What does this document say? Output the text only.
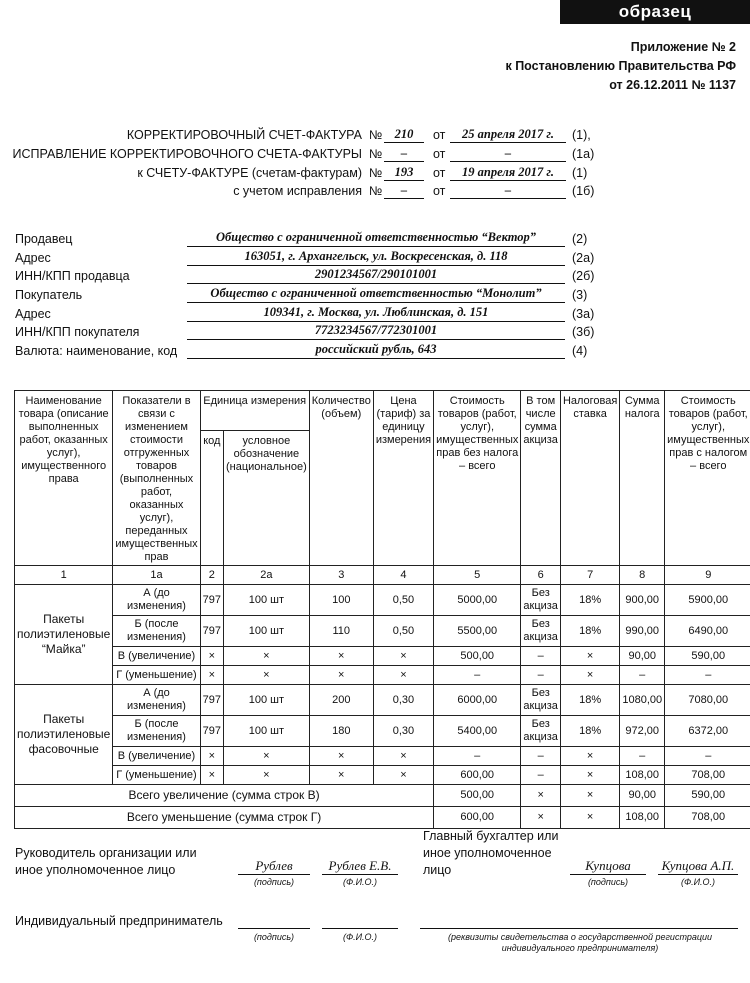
образец
Приложение № 2
к Постановлению Правительства РФ
от 26.12.2011 № 1137
КОРРЕКТИРОВОЧНЫЙ СЧЕТ-ФАКТУРА № 210	от	25 апреля 2017 г.	(1),
ИСПРАВЛЕНИЕ КОРРЕКТИРОВОЧНОГО СЧЕТА-ФАКТУРЫ №	–	от	–	(1а)
к СЧЕТУ-ФАКТУРЕ (счетам-фактурам) № 193	от	19 апреля 2017 г.	(1)
с учетом исправления №	–	от	–	(1б)
Продавец	Общество с ограниченной ответственностью “Вектор”	(2)
Адрес	163051, г. Архангельск, ул. Воскресенская, д. 118	(2а)
ИНН/КПП продавца	2901234567/290101001	(2б)
Покупатель	Общество с ограниченной ответственностью “Монолит”	(3)
Адрес	109341, г. Москва, ул. Люблинская, д. 151	(3а)
ИНН/КПП покупателя	7723234567/772301001	(3б)
Валюта: наименование, код	российский рубль, 643	(4)
Наименование товара (описание выполненных работ, оказанных услуг), имущественного права	Показатели в связи с изменением стоимости отгруженных товаров (выполненных работ, оказанных услуг), переданных имущественных прав	Единица измерения		Количество (объем)	Цена (тариф) за единицу измерения	Стоимость товаров (работ, услуг), имущественных прав без налога – всего	В том числе сумма акциза	Налоговая ставка	Сумма налога	Стоимость товаров (работ, услуг), имущественных прав с налогом – всего
		код	условное обозначение (национальное)							
1	1а	2	2а	3	4	5	6	7	8	9
Пакеты полиэтиленовые “Майка”	А (до изменения)	797	100 шт	100	0,50	5000,00	Без акциза	18%	900,00	5900,00
	Б (после изменения)	797	100 шт	110	0,50	5500,00	Без акциза	18%	990,00	6490,00
	В (увеличение)	×	×	×	×	500,00	–	×	90,00	590,00
	Г (уменьшение)	×	×	×	×	–	–	×	–	–
Пакеты полиэтиленовые фасовочные	А (до изменения)	797	100 шт	200	0,30	6000,00	Без акциза	18%	1080,00	7080,00
	Б (после изменения)	797	100 шт	180	0,30	5400,00	Без акциза	18%	972,00	6372,00
	В (увеличение)	×	×	×	×	–	–	×	–	–
	Г (уменьшение)	×	×	×	×	600,00	–	×	108,00	708,00
Всего увеличение (сумма строк В)						500,00	×	×	90,00	590,00
Всего уменьшение (сумма строк Г)						600,00	×	×	108,00	708,00
Руководитель организации или иное уполномоченное лицо	Рублев
(подпись)
Рублев Е.В.
(Ф.И.О.)
Главный бухгалтер или иное уполномоченное лицо	Купцова
(подпись)
Купцова А.П.
(Ф.И.О.)
Индивидуальный предприниматель
(подпись)	(Ф.И.О.)	(реквизиты свидетельства о государственной регистрации индивидуального предпринимателя)
